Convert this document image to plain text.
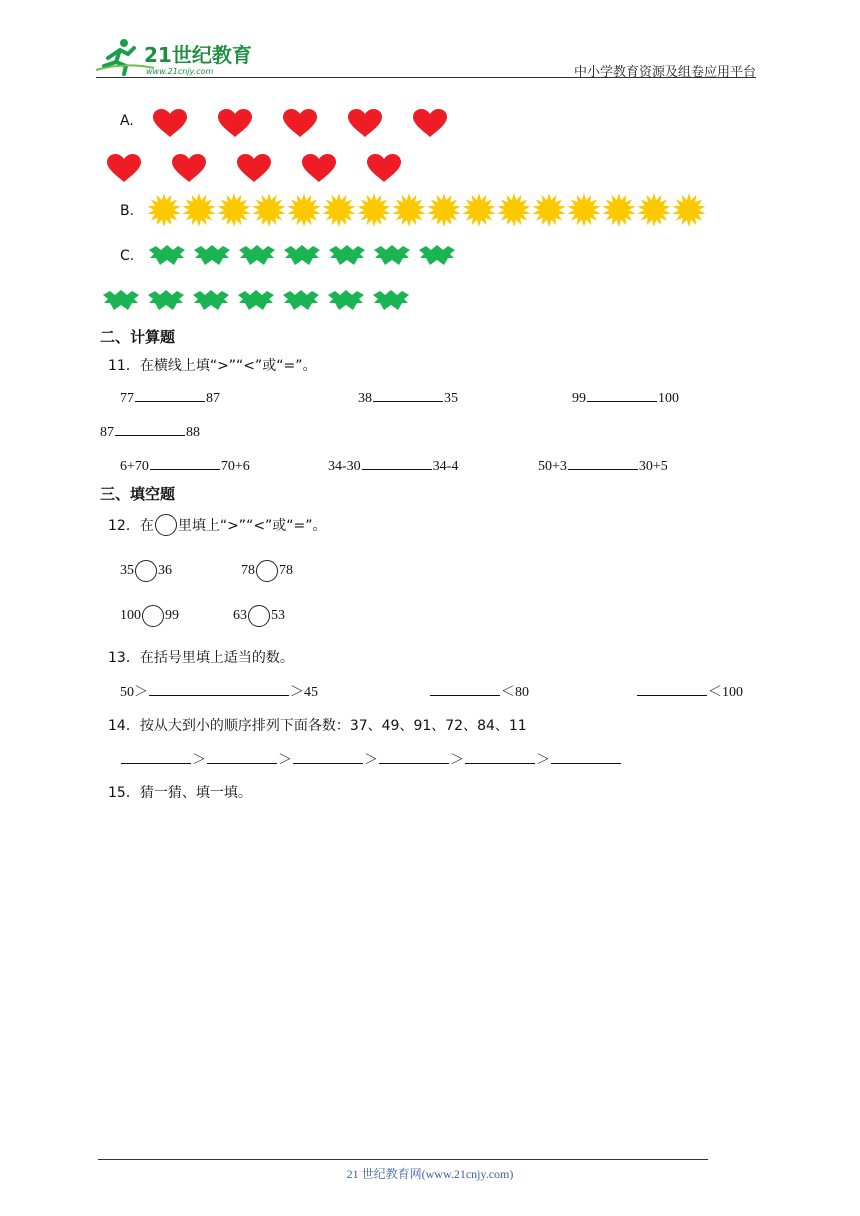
21世纪教育
www.21cnjy.com	中小学教育资源及组卷应用平台
A.
B.
C.
二、计算题
11．在横线上填“>”“<”或“=”。
77	87	38	35	99	100
87	88
6+70	70+6	34-30	34-4	50+3	30+5
三、填空题
12．在 里填上“>”“<”或“=”。
35 36	78 78
100 99	63 53
13．在括号里填上适当的数。
50＞	＞45	＜80	＜100
14．按从大到小的顺序排列下面各数：37、49、91、72、84、11
＞	＞	＞	＞	＞
15．猜一猜、填一填。
21 世纪教育网(www.21cnjy.com)
